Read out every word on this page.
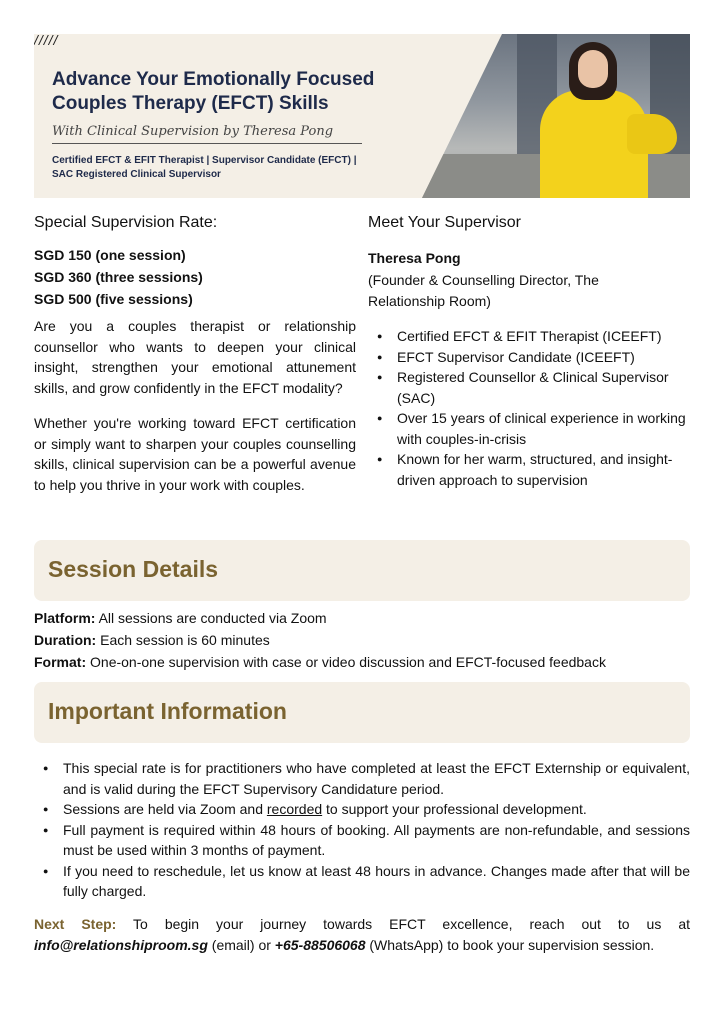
/////
Advance Your Emotionally Focused
Couples Therapy (EFCT) Skills
With Clinical Supervision by Theresa Pong
Certified EFCT & EFIT Therapist | Supervisor Candidate (EFCT) |
SAC Registered Clinical Supervisor
Special Supervision Rate:
SGD 150 (one session)
SGD 360 (three sessions)
SGD 500 (five sessions)
Are you a couples therapist or relationship counsellor who wants to deepen your clinical insight, strengthen your emotional attunement skills, and grow confidently in the EFCT modality?
Whether you're working toward EFCT certification or simply want to sharpen your couples counselling skills, clinical supervision can be a powerful avenue to help you thrive in your work with couples.
Meet Your Supervisor
Theresa Pong
(Founder & Counselling Director, The Relationship Room)
● Certified EFCT & EFIT Therapist (ICEEFT)
● EFCT Supervisor Candidate (ICEEFT)
● Registered Counsellor & Clinical Supervisor (SAC)
● Over 15 years of clinical experience in working with couples-in-crisis
● Known for her warm, structured, and insight-driven approach to supervision
Session Details
Platform: All sessions are conducted via Zoom
Duration: Each session is 60 minutes
Format: One-on-one supervision with case or video discussion and EFCT-focused feedback
Important Information
● This special rate is for practitioners who have completed at least the EFCT Externship or equivalent, and is valid during the EFCT Supervisory Candidature period.
● Sessions are held via Zoom and recorded to support your professional development.
● Full payment is required within 48 hours of booking. All payments are non-refundable, and sessions must be used within 3 months of payment.
● If you need to reschedule, let us know at least 48 hours in advance. Changes made after that will be fully charged.
Next Step: To begin your journey towards EFCT excellence, reach out to us at info@relationshiproom.sg (email) or +65-88506068 (WhatsApp) to book your supervision session.
